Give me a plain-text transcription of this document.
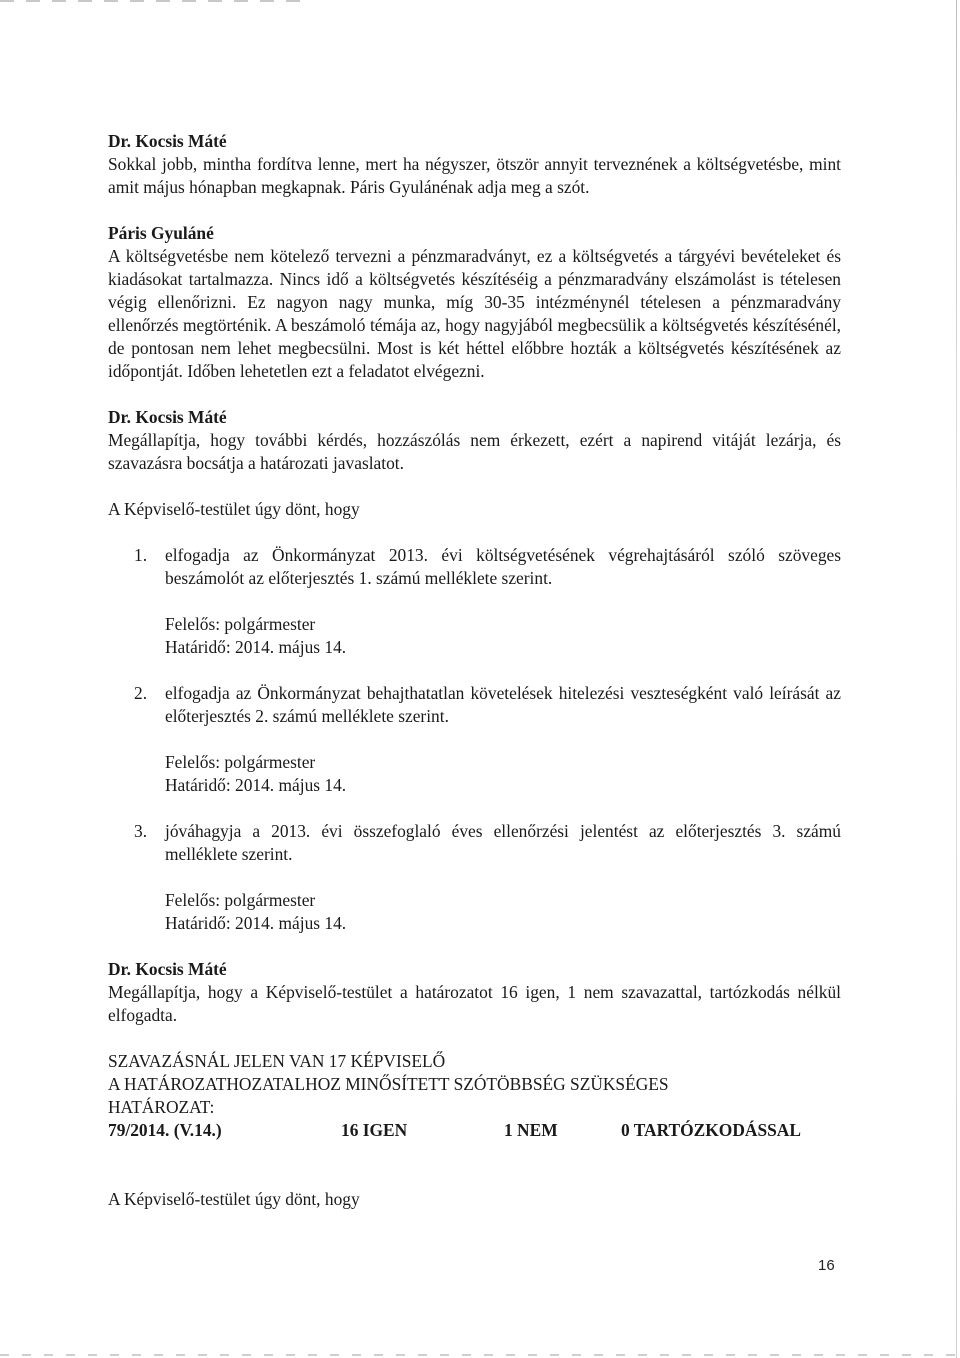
Dr. Kocsis Máté

Sokkal jobb, mintha fordítva lenne, mert ha négyszer, ötször annyit terveznének a költségvetésbe, mint amit május hónapban megkapnak. Páris Gyulánénak adja meg a szót.

Páris Gyuláné

A költségvetésbe nem kötelező tervezni a pénzmaradványt, ez a költségvetés a tárgyévi bevételeket és kiadásokat tartalmazza. Nincs idő a költségvetés készítéséig a pénzmaradvány elszámolást is tételesen végig ellenőrizni. Ez nagyon nagy munka, míg 30-35 intézménynél tételesen a pénzmaradvány ellenőrzés megtörténik. A beszámoló témája az, hogy nagyjából megbecsülik a költségvetés készítésénél, de pontosan nem lehet megbecsülni. Most is két héttel előbbre hozták a költségvetés készítésének az időpontját. Időben lehetetlen ezt a feladatot elvégezni.

Dr. Kocsis Máté

Megállapítja, hogy további kérdés, hozzászólás nem érkezett, ezért a napirend vitáját lezárja, és szavazásra bocsátja a határozati javaslatot.

A Képviselő-testület úgy dönt, hogy

1. elfogadja az Önkormányzat 2013. évi költségvetésének végrehajtásáról szóló szöveges beszámolót az előterjesztés 1. számú melléklete szerint.

Felelős: polgármester

Határidő: 2014. május 14.

2. elfogadja az Önkormányzat behajthatatlan követelések hitelezési veszteségként való leírását az előterjesztés 2. számú melléklete szerint.

Felelős: polgármester

Határidő: 2014. május 14.

3. jóváhagyja a 2013. évi összefoglaló éves ellenőrzési jelentést az előterjesztés 3. számú melléklete szerint.

Felelős: polgármester

Határidő: 2014. május 14.

Dr. Kocsis Máté

Megállapítja, hogy a Képviselő-testület a határozatot 16 igen, 1 nem szavazattal, tartózkodás nélkül elfogadta.

SZAVAZÁSNÁL JELEN VAN 17 KÉPVISELŐ

A HATÁROZATHOZATALHOZ MINŐSÍTETT SZÓTÖBBSÉG SZÜKSÉGES

HATÁROZAT:

79/2014. (V.14.)	16 IGEN	1 NEM	0 TARTÓZKODÁSSAL

A Képviselő-testület úgy dönt, hogy

16
